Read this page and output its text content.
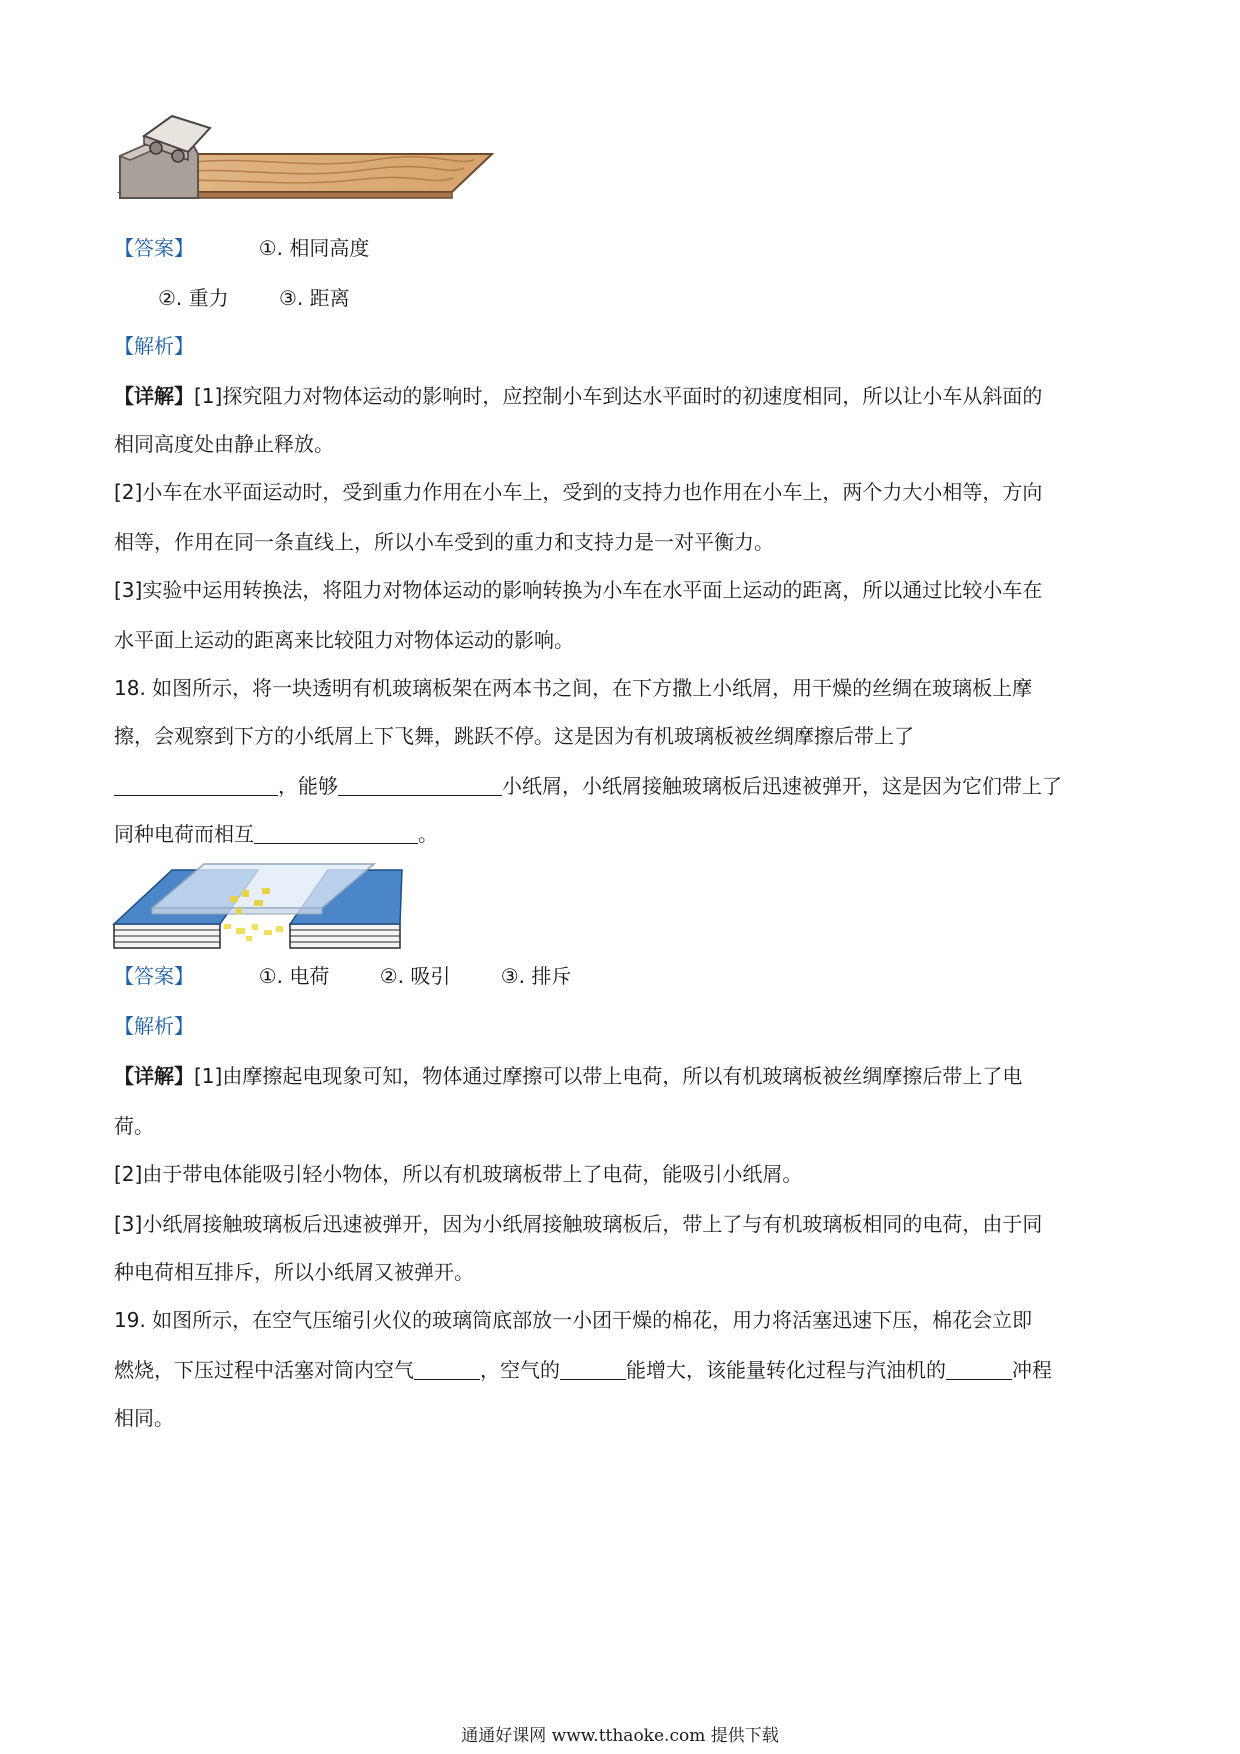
【答案】	①. 相同高度
②. 重力	③. 距离
【解析】
【详解】[1]探究阻力对物体运动的影响时，应控制小车到达水平面时的初速度相同，所以让小车从斜面的
相同高度处由静止释放。
[2]小车在水平面运动时，受到重力作用在小车上，受到的支持力也作用在小车上，两个力大小相等，方向
相等，作用在同一条直线上，所以小车受到的重力和支持力是一对平衡力。
[3]实验中运用转换法，将阻力对物体运动的影响转换为小车在水平面上运动的距离，所以通过比较小车在
水平面上运动的距离来比较阻力对物体运动的影响。
18. 如图所示，将一块透明有机玻璃板架在两本书之间，在下方撒上小纸屑，用干燥的丝绸在玻璃板上摩
擦，会观察到下方的小纸屑上下飞舞，跳跃不停。这是因为有机玻璃板被丝绸摩擦后带上了
，能够	小纸屑，小纸屑接触玻璃板后迅速被弹开，这是因为它们带上了
同种电荷而相互	。
【答案】	①. 电荷	②. 吸引	③. 排斥
【解析】
【详解】[1]由摩擦起电现象可知，物体通过摩擦可以带上电荷，所以有机玻璃板被丝绸摩擦后带上了电
荷。
[2]由于带电体能吸引轻小物体，所以有机玻璃板带上了电荷，能吸引小纸屑。
[3]小纸屑接触玻璃板后迅速被弹开，因为小纸屑接触玻璃板后，带上了与有机玻璃板相同的电荷，由于同
种电荷相互排斥，所以小纸屑又被弹开。
19. 如图所示，在空气压缩引火仪的玻璃筒底部放一小团干燥的棉花，用力将活塞迅速下压，棉花会立即
燃烧，下压过程中活塞对筒内空气	，空气的	能增大，该能量转化过程与汽油机的	冲程
相同。
通通好课网 www.tthaoke.com 提供下载
